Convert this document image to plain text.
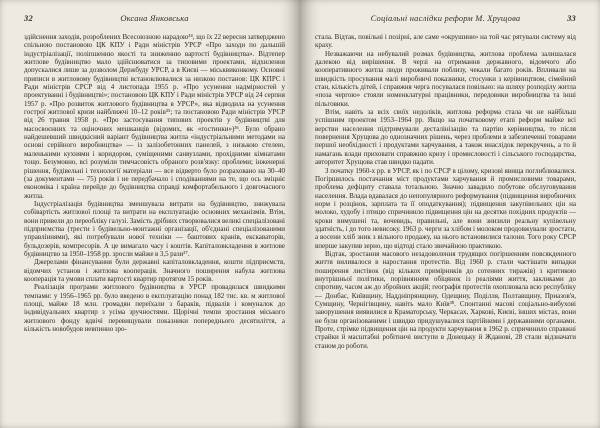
32	Оксана Янковська

здійснення заходів, розроблених Всесоюзною нарадою³⁴, що їх 22 вересня затверджено спільною постановою ЦК КПУ і Ради міністрів УРСР «Про заходи по дальшій індустріалізації, поліпшенню якості та зниженню вартості будівництва». Відтепер житлове будівництво мало здійснюватися за типовими проектами, відхилення допускалися лише за дозволом Держбуду УРСР, а в Києві — міськвиконкому. Основні приписи в житловому будівництві встановлювалися за низкою постанов: ЦК КПРС і Ради міністрів СРСР від 4 листопада 1955 р. «Про усунення надмірностей у проектуванні і будівництві»; постановою ЦК КПУ і Ради міністрів УРСР від 24 серпня 1957 р. «Про розвиток житлового будівництва в УРСР», яка відводила на усунення гострої житлової кризи найближчі 10–12 років³⁵; та постановою Ради міністрів УРСР від 26 травня 1958 р. «Про застосування типових проектів у будівництві для масосвоєнних та оціночних мешканців (відомих, як «гостинки»)³⁶. Було обрано найдешевший швидкісний варіант будівництва житла «індустріальними методами на основі серійного виробництва» — із залізобетонних панелей, з низькою стелею, маленькими кухнями і коридором, суміщеними санвузлами, прохідними кімнатами тощо. Безумовно, всі розуміли тимчасовість обраного розв'язку: проблеми; інженерні рішення, будівельні і технології матеріали — все відверто було розраховано на 30–40 (за документами — 75) років і не передбачало і сподіваннями на те, що ось зміцніє економіка і країна перейде до будівництва справді комфортабельного і довгочасного житла.

Індустріалізація будівництва зменшувала витрати на будівництво, знижувала собівартість житлової площі та витрати на експлуатацію основних механізмів. Втім, вони привели до переобліку галузі. Замість дрібних створювалися великі спеціалізовані підприємства (трести і будівельно-монтажні організації, об'єднані спеціалізованими управліннями), які потребували нової техніки — баштових кранів, екскаваторів, бульдозерів, компресорів. А це вимагало часу і коштів. Капіталовкладення в житлове будівництво за 1950–1958 рр. зросли майже в 3,5 рази³⁷.

Джерелами фінансування були державні капіталовкладення, кошти підприємств, відомчих установ і житлова кооперація. Значного поширення набула житлова кооперація та умови сплати вартості квартир протягом 15 років.

Реалізація програми житлового будівництва в УРСР провадилася швидкими темпами: у 1956–1965 рр. було введено в експлуатацію понад 182 тис. кв. м житлової площі, майже 18 млн. громадян переїхали з бараків, підвалів і комуналок до індивідуальних квартир з усіма зручностями. Щорічні темпи зростання міського житлового фонду вдвічі перевищували показники попереднього десятиліття, а кількість новобудов невпинно зро-

Соціальні наслідки реформ М. Хрущова	33

стала. Відтак, повільні і позірні, але саме «окрушини» на той час рятували систему від краху.

Незважаючи на небувалий розмах будівництва, житлова проблема залишалася далекою від вирішення. В черзі на отримання державного, відомчого або кооперативного житла люди проживали поблизу, чекали багато років. Впливали на швидкість просування малі виробничі показники, стосунки з керівництвом, сімейний стан, кількість дітей, і справжня черга посувалася повільно: на шляху розподілу житла «поза чергою» стояли номенклатурні працівники, передовики виробництва та інші пільговики.

Втім, навіть за всіх своїх недоліків, житлова реформа стала чи не найбільш успішним проектом 1953–1964 рр. Якщо на початковому етапі реформ майже всі верстви населення підтримували десталінізацію та партію керівництва, то після повернення Хрущова до однозначних рішень, через проблеми в забезпеченні товарами першої необхідності і продуктами харчування, а також внаслідок перекручень, а то й намагань влади приховати справжню кризу і промисловості і сільського господарства, авторитет Хрущова став швидко падати.

З початку 1960-х рр. в УРСР, як і по СРСР в цілому, кризові явища поглиблювалися. Погіршилось постачання міст продуктами харчування й промисловими товарами, проблема дефіциту ставала тотальною. Значно завадило побутове обслуговування населення. Влада вдавалася до непопулярного реформування (підвищення виробничих норм і розцінок, зарплата та її оподаткування); підвищення закупівельних цін на молоко, худобу і птицю спричинило підвищення цін на десятки похідних продуктів — кроки вимушені та, вочевидь, правильні, але вони знизили реальну купівельну здатність, і до того невисоку. 1963 р. черги за хлібом і молоком продовжували зростати, а восени хліб зник з вільного продажу, на нього встановилися талони. Того року СРСР вперше закупив зерно, що відтоді стало звичайною практикою.

Відтак, зростання масового незадоволення трудящих погіршенням повсякденного життя виливалося в наростання протестів. Від 1960 р. стали частішати випадки поширення листівок (від кількох примірників до сотенних тиражів) з критикою внутрішньої політики, порівнянням обіцянок із реаліями життя, закликами до спротиву, часом аж до збройних акцій; географія протестів охоплювала всю республіку — Донбас, Київщину, Наддніпрянщину, Одещину, Поділля, Полтавщину, Приазов'я, Сумщину, Чернігівщину, навіть мало Київ³⁸. Спонтанні масові соціально-вибухові заворушення виявилися в Краматорську, Черкасах, Харкові, Києві, інших містах, вони не були організованими і швидко придушувалися партійними і державними органами. Проте, стрімке підвищення цін на продукти харчування в 1962 р. спричинило справжні страйки й масштабні робітничі виступи в Донецьку й Жданові, 28 стали відзначати станом до роботи.
